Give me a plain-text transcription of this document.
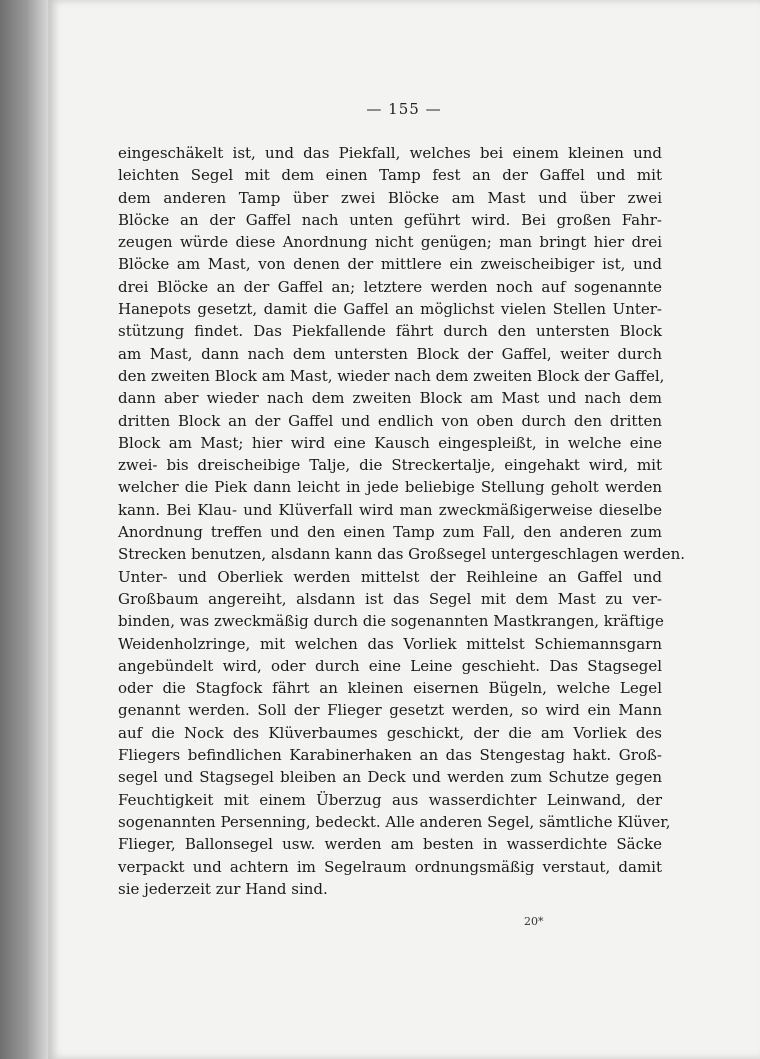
— 155 —
eingeschäkelt ist, und das Piekfall, welches bei einem kleinen und
leichten Segel mit dem einen Tamp fest an der Gaffel und mit
dem anderen Tamp über zwei Blöcke am Mast und über zwei
Blöcke an der Gaffel nach unten geführt wird. Bei großen Fahr-
zeugen würde diese Anordnung nicht genügen; man bringt hier drei
Blöcke am Mast, von denen der mittlere ein zweischeibiger ist, und
drei Blöcke an der Gaffel an; letztere werden noch auf sogenannte
Hanepots gesetzt, damit die Gaffel an möglichst vielen Stellen Unter-
stützung findet. Das Piekfallende fährt durch den untersten Block
am Mast, dann nach dem untersten Block der Gaffel, weiter durch
den zweiten Block am Mast, wieder nach dem zweiten Block der Gaffel,
dann aber wieder nach dem zweiten Block am Mast und nach dem
dritten Block an der Gaffel und endlich von oben durch den dritten
Block am Mast; hier wird eine Kausch eingespleißt, in welche eine
zwei- bis dreischeibige Talje, die Streckertalje, eingehakt wird, mit
welcher die Piek dann leicht in jede beliebige Stellung geholt werden
kann. Bei Klau- und Klüverfall wird man zweckmäßigerweise dieselbe
Anordnung treffen und den einen Tamp zum Fall, den anderen zum
Strecken benutzen, alsdann kann das Großsegel untergeschlagen werden.
Unter- und Oberliek werden mittelst der Reihleine an Gaffel und
Großbaum angereiht, alsdann ist das Segel mit dem Mast zu ver-
binden, was zweckmäßig durch die sogenannten Mastkrangen, kräftige
Weidenholzringe, mit welchen das Vorliek mittelst Schiemannsgarn
angebündelt wird, oder durch eine Leine geschieht. Das Stagsegel
oder die Stagfock fährt an kleinen eisernen Bügeln, welche Legel
genannt werden. Soll der Flieger gesetzt werden, so wird ein Mann
auf die Nock des Klüverbaumes geschickt, der die am Vorliek des
Fliegers befindlichen Karabinerhaken an das Stengestag hakt. Groß-
segel und Stagsegel bleiben an Deck und werden zum Schutze gegen
Feuchtigkeit mit einem Überzug aus wasserdichter Leinwand, der
sogenannten Persenning, bedeckt. Alle anderen Segel, sämtliche Klüver,
Flieger, Ballonsegel usw. werden am besten in wasserdichte Säcke
verpackt und achtern im Segelraum ordnungsmäßig verstaut, damit
sie jederzeit zur Hand sind.
20*
